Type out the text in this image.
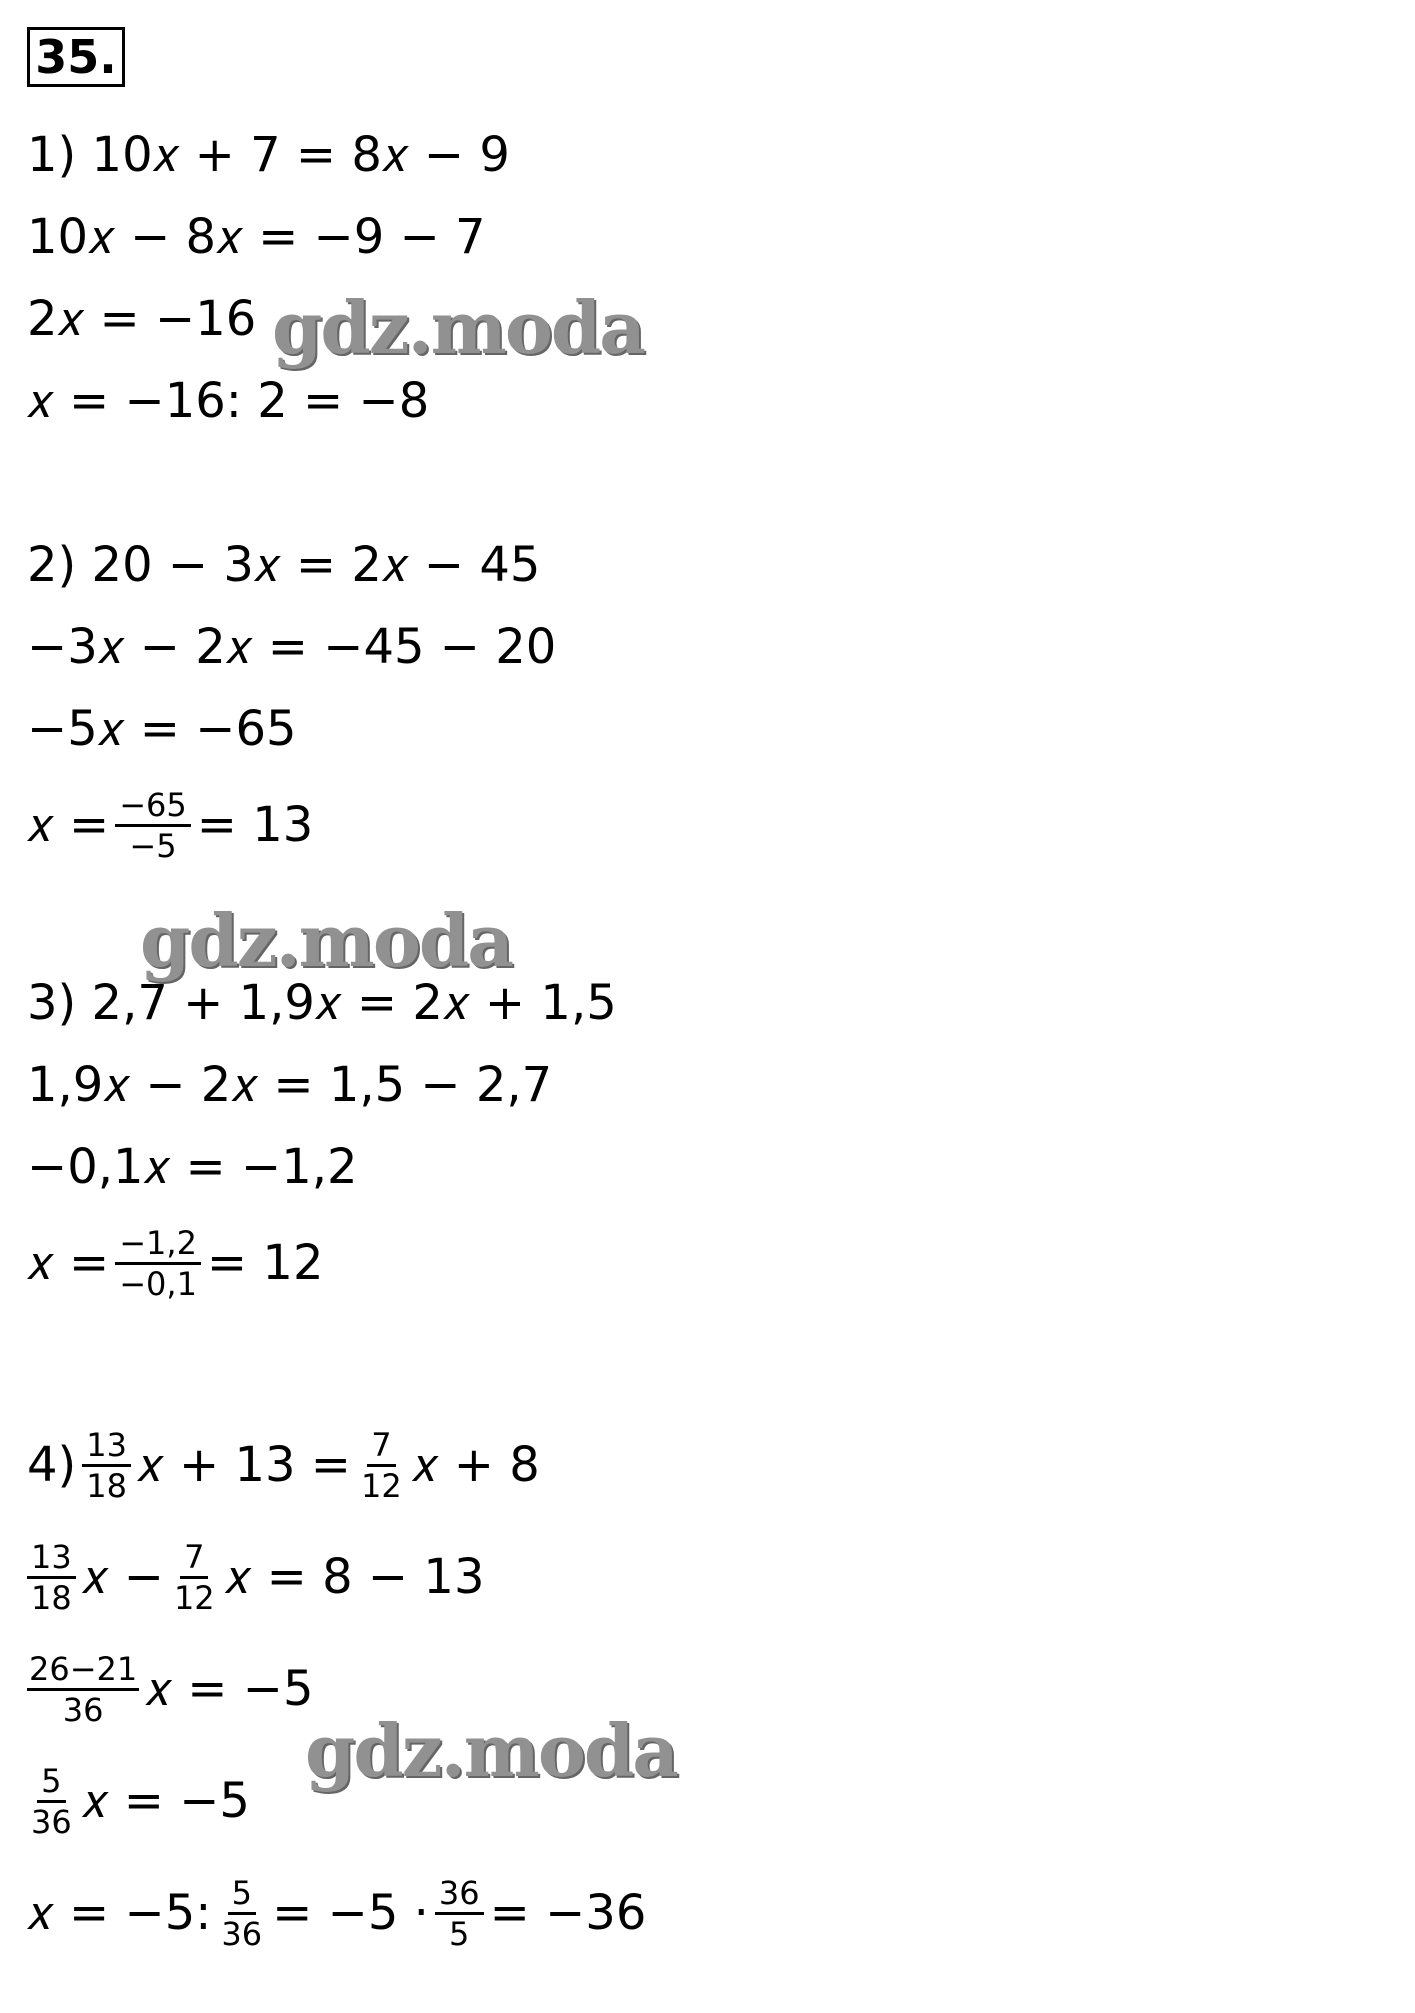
35.
1) 10𝑥 + 7 = 8𝑥 − 9
10𝑥 − 8𝑥 = −9 − 7
2𝑥 = −16
𝑥 = −16: 2 = −8
2) 20 − 3𝑥 = 2𝑥 − 45
−3𝑥 − 2𝑥 = −45 − 20
−5𝑥 = −65
𝑥 = $\frac{-65}{-5} = 13$
3) 2,7 + 1,9𝑥 = 2𝑥 + 1,5
1,9𝑥 − 2𝑥 = 1,5 − 2,7
−0,1𝑥 = −1,2
𝑥 = $\frac{-1,2}{-0,1} = 12$
$4) \frac{13}{18}$ 𝑥 + $13 = \frac{7}{12}$ 𝑥 + 8
$\frac{13}{18}$ 𝑥 − $\frac{7}{12}$ 𝑥 = 8 − 13
$\frac{26-21}{36}$ 𝑥 = −5
$\frac{5}{36}$ 𝑥 = −5
𝑥 = −5: $\frac{5}{36} = -5 \cdot \frac{36}{5} = -36$
gdz.moda
gdz.moda
gdz.moda
